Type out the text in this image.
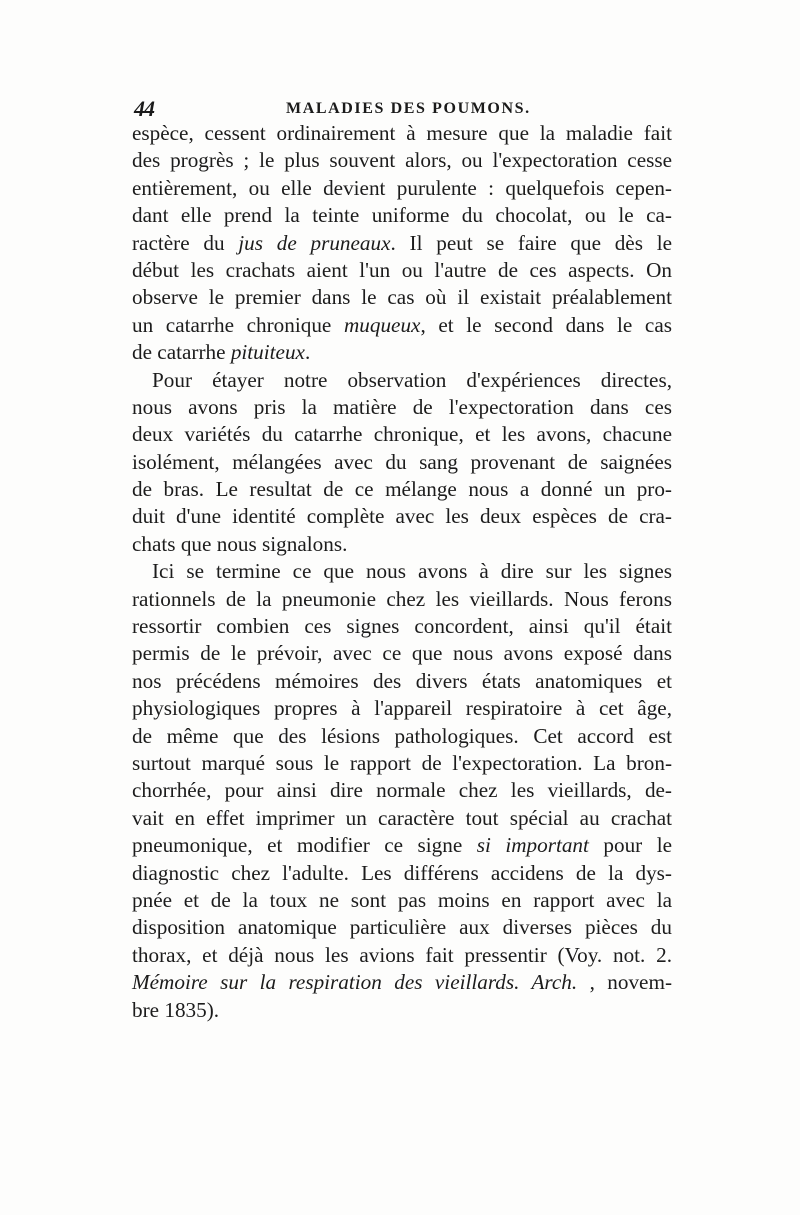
44	MALADIES DES POUMONS.
espèce, cessent ordinairement à mesure que la maladie fait
des progrès ; le plus souvent alors, ou l'expectoration cesse
entièrement, ou elle devient purulente : quelquefois cepen-
dant elle prend la teinte uniforme du chocolat, ou le ca-
ractère du jus de pruneaux. Il peut se faire que dès le
début les crachats aient l'un ou l'autre de ces aspects. On
observe le premier dans le cas où il existait préalablement
un catarrhe chronique muqueux, et le second dans le cas
de catarrhe pituiteux.
Pour étayer notre observation d'expériences directes,
nous avons pris la matière de l'expectoration dans ces
deux variétés du catarrhe chronique, et les avons, chacune
isolément, mélangées avec du sang provenant de saignées
de bras. Le resultat de ce mélange nous a donné un pro-
duit d'une identité complète avec les deux espèces de cra-
chats que nous signalons.
Ici se termine ce que nous avons à dire sur les signes
rationnels de la pneumonie chez les vieillards. Nous ferons
ressortir combien ces signes concordent, ainsi qu'il était
permis de le prévoir, avec ce que nous avons exposé dans
nos précédens mémoires des divers états anatomiques et
physiologiques propres à l'appareil respiratoire à cet âge,
de même que des lésions pathologiques. Cet accord est
surtout marqué sous le rapport de l'expectoration. La bron-
chorrhée, pour ainsi dire normale chez les vieillards, de-
vait en effet imprimer un caractère tout spécial au crachat
pneumonique, et modifier ce signe si important pour le
diagnostic chez l'adulte. Les différens accidens de la dys-
pnée et de la toux ne sont pas moins en rapport avec la
disposition anatomique particulière aux diverses pièces du
thorax, et déjà nous les avions fait pressentir (Voy. not. 2.
Mémoire sur la respiration des vieillards. Arch. , novem-
bre 1835).
